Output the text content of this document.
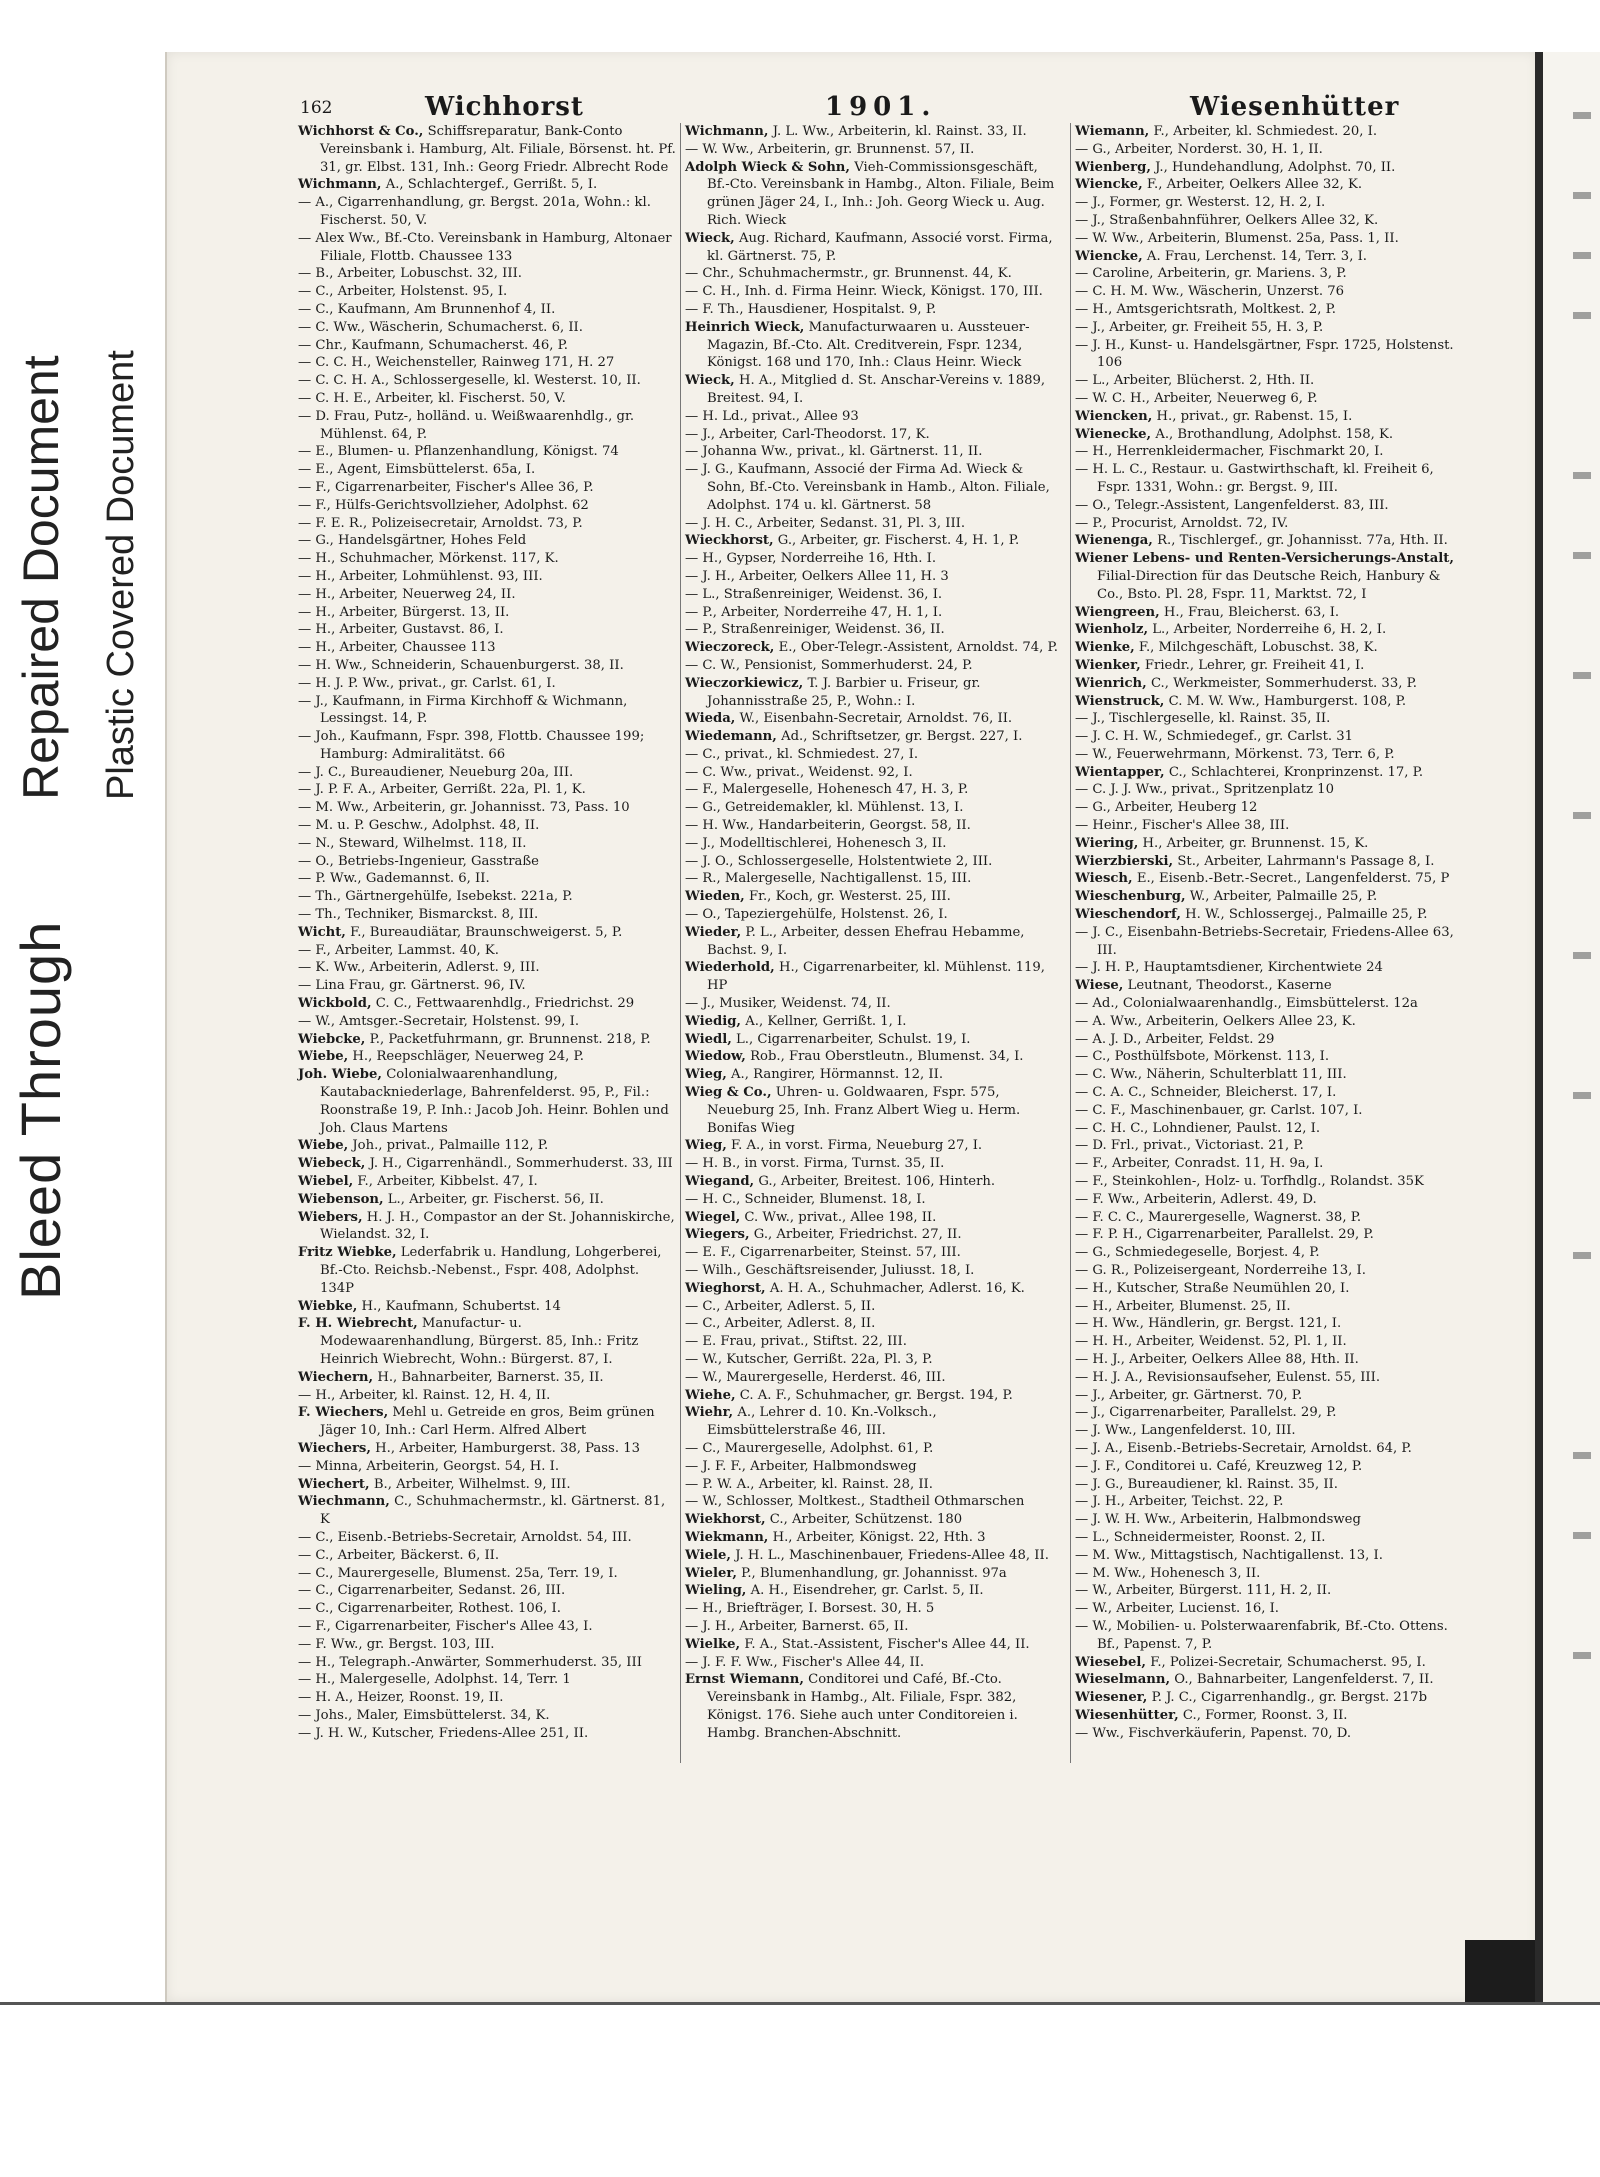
Bleed Through
Repaired Document Plastic Covered Document
162	Wichhorst	1901.	Wiesenhütter

Wichhorst & Co., Schiffsreparatur, Bank-Conto Vereinsbank i. Hamburg, Alt. Filiale, Börsenst. ht. Pf. 31, gr. Elbst. 131, Inh.: Georg Friedr. Albrecht Rode

Wichmann, A., Schlachtergef., Gerrißt. 5, I.

— A., Cigarrenhandlung, gr. Bergst. 201a, Wohn.: kl. Fischerst. 50, V.

— Alex Ww., Bf.-Cto. Vereinsbank in Hamburg, Altonaer Filiale, Flottb. Chaussee 133

— B., Arbeiter, Lobuschst. 32, III.

— C., Arbeiter, Holstenst. 95, I.

— C., Kaufmann, Am Brunnenhof 4, II.

— C. Ww., Wäscherin, Schumacherst. 6, II.

— Chr., Kaufmann, Schumacherst. 46, P.

— C. C. H., Weichensteller, Rainweg 171, H. 27

— C. C. H. A., Schlossergeselle, kl. Westerst. 10, II.

— C. H. E., Arbeiter, kl. Fischerst. 50, V.

— D. Frau, Putz-, holländ. u. Weißwaarenhdlg., gr. Mühlenst. 64, P.

— E., Blumen- u. Pflanzenhandlung, Königst. 74

— E., Agent, Eimsbüttelerst. 65a, I.

— F., Cigarrenarbeiter, Fischer's Allee 36, P.

— F., Hülfs-Gerichtsvollzieher, Adolphst. 62

— F. E. R., Polizeisecretair, Arnoldst. 73, P.

— G., Handelsgärtner, Hohes Feld

— H., Schuhmacher, Mörkenst. 117, K.

— H., Arbeiter, Lohmühlenst. 93, III.

— H., Arbeiter, Neuerweg 24, II.

— H., Arbeiter, Bürgerst. 13, II.

— H., Arbeiter, Gustavst. 86, I.

— H., Arbeiter, Chaussee 113

— H. Ww., Schneiderin, Schauenburgerst. 38, II.

— H. J. P. Ww., privat., gr. Carlst. 61, I.

— J., Kaufmann, in Firma Kirchhoff & Wichmann, Lessingst. 14, P.

— Joh., Kaufmann, Fspr. 398, Flottb. Chaussee 199; Hamburg: Admiralitätst. 66

— J. C., Bureaudiener, Neueburg 20a, III.

— J. P. F. A., Arbeiter, Gerrißt. 22a, Pl. 1, K.

— M. Ww., Arbeiterin, gr. Johannisst. 73, Pass. 10

— M. u. P. Geschw., Adolphst. 48, II.

— N., Steward, Wilhelmst. 118, II.

— O., Betriebs-Ingenieur, Gasstraße

— P. Ww., Gademannst. 6, II.

— Th., Gärtnergehülfe, Isebekst. 221a, P.

— Th., Techniker, Bismarckst. 8, III.

Wicht, F., Bureaudiätar, Braunschweigerst. 5, P.

— F., Arbeiter, Lammst. 40, K.

— K. Ww., Arbeiterin, Adlerst. 9, III.

— Lina Frau, gr. Gärtnerst. 96, IV.

Wickbold, C. C., Fettwaarenhdlg., Friedrichst. 29

— W., Amtsger.-Secretair, Holstenst. 99, I.

Wiebcke, P., Packetfuhrmann, gr. Brunnenst. 218, P.

Wiebe, H., Reepschläger, Neuerweg 24, P.

Joh. Wiebe, Colonialwaarenhandlung, Kautabackniederlage, Bahrenfelderst. 95, P., Fil.: Roonstraße 19, P. Inh.: Jacob Joh. Heinr. Bohlen und Joh. Claus Martens

Wiebe, Joh., privat., Palmaille 112, P.

Wiebeck, J. H., Cigarrenhändl., Sommerhuderst. 33, III

Wiebel, F., Arbeiter, Kibbelst. 47, I.

Wiebenson, L., Arbeiter, gr. Fischerst. 56, II.

Wiebers, H. J. H., Compastor an der St. Johanniskirche, Wielandst. 32, I.

Fritz Wiebke, Lederfabrik u. Handlung, Lohgerberei, Bf.-Cto. Reichsb.-Nebenst., Fspr. 408, Adolphst. 134P

Wiebke, H., Kaufmann, Schubertst. 14

F. H. Wiebrecht, Manufactur- u. Modewaarenhandlung, Bürgerst. 85, Inh.: Fritz Heinrich Wiebrecht, Wohn.: Bürgerst. 87, I.

Wiechern, H., Bahnarbeiter, Barnerst. 35, II.

— H., Arbeiter, kl. Rainst. 12, H. 4, II.

F. Wiechers, Mehl u. Getreide en gros, Beim grünen Jäger 10, Inh.: Carl Herm. Alfred Albert

Wiechers, H., Arbeiter, Hamburgerst. 38, Pass. 13

— Minna, Arbeiterin, Georgst. 54, H. I.

Wiechert, B., Arbeiter, Wilhelmst. 9, III.

Wiechmann, C., Schuhmachermstr., kl. Gärtnerst. 81, K

— C., Eisenb.-Betriebs-Secretair, Arnoldst. 54, III.

— C., Arbeiter, Bäckerst. 6, II.

— C., Maurergeselle, Blumenst. 25a, Terr. 19, I.

— C., Cigarrenarbeiter, Sedanst. 26, III.

— C., Cigarrenarbeiter, Rothest. 106, I.

— F., Cigarrenarbeiter, Fischer's Allee 43, I.

— F. Ww., gr. Bergst. 103, III.

— H., Telegraph.-Anwärter, Sommerhuderst. 35, III

— H., Malergeselle, Adolphst. 14, Terr. 1

— H. A., Heizer, Roonst. 19, II.

— Johs., Maler, Eimsbüttelerst. 34, K.

— J. H. W., Kutscher, Friedens-Allee 251, II.

Wichmann, J. L. Ww., Arbeiterin, kl. Rainst. 33, II.

— W. Ww., Arbeiterin, gr. Brunnenst. 57, II.

Adolph Wieck & Sohn, Vieh-Commissionsgeschäft, Bf.-Cto. Vereinsbank in Hambg., Alton. Filiale, Beim grünen Jäger 24, I., Inh.: Joh. Georg Wieck u. Aug. Rich. Wieck

Wieck, Aug. Richard, Kaufmann, Associé vorst. Firma, kl. Gärtnerst. 75, P.

— Chr., Schuhmachermstr., gr. Brunnenst. 44, K.

— C. H., Inh. d. Firma Heinr. Wieck, Königst. 170, III.

— F. Th., Hausdiener, Hospitalst. 9, P.

Heinrich Wieck, Manufacturwaaren u. Aussteuer-Magazin, Bf.-Cto. Alt. Creditverein, Fspr. 1234, Königst. 168 und 170, Inh.: Claus Heinr. Wieck

Wieck, H. A., Mitglied d. St. Anschar-Vereins v. 1889, Breitest. 94, I.

— H. Ld., privat., Allee 93

— J., Arbeiter, Carl-Theodorst. 17, K.

— Johanna Ww., privat., kl. Gärtnerst. 11, II.

— J. G., Kaufmann, Associé der Firma Ad. Wieck & Sohn, Bf.-Cto. Vereinsbank in Hamb., Alton. Filiale, Adolphst. 174 u. kl. Gärtnerst. 58

— J. H. C., Arbeiter, Sedanst. 31, Pl. 3, III.

Wieckhorst, G., Arbeiter, gr. Fischerst. 4, H. 1, P.

— H., Gypser, Norderreihe 16, Hth. I.

— J. H., Arbeiter, Oelkers Allee 11, H. 3

— L., Straßenreiniger, Weidenst. 36, I.

— P., Arbeiter, Norderreihe 47, H. 1, I.

— P., Straßenreiniger, Weidenst. 36, II.

Wieczoreck, E., Ober-Telegr.-Assistent, Arnoldst. 74, P.

— C. W., Pensionist, Sommerhuderst. 24, P.

Wieczorkiewicz, T. J. Barbier u. Friseur, gr. Johannisstraße 25, P., Wohn.: I.

Wieda, W., Eisenbahn-Secretair, Arnoldst. 76, II.

Wiedemann, Ad., Schriftsetzer, gr. Bergst. 227, I.

— C., privat., kl. Schmiedest. 27, I.

— C. Ww., privat., Weidenst. 92, I.

— F., Malergeselle, Hohenesch 47, H. 3, P.

— G., Getreidemakler, kl. Mühlenst. 13, I.

— H. Ww., Handarbeiterin, Georgst. 58, II.

— J., Modelltischlerei, Hohenesch 3, II.

— J. O., Schlossergeselle, Holstentwiete 2, III.

— R., Malergeselle, Nachtigallenst. 15, III.

Wieden, Fr., Koch, gr. Westerst. 25, III.

— O., Tapeziergehülfe, Holstenst. 26, I.

Wieder, P. L., Arbeiter, dessen Ehefrau Hebamme, Bachst. 9, I.

Wiederhold, H., Cigarrenarbeiter, kl. Mühlenst. 119, HP

— J., Musiker, Weidenst. 74, II.

Wiedig, A., Kellner, Gerrißt. 1, I.

Wiedl, L., Cigarrenarbeiter, Schulst. 19, I.

Wiedow, Rob., Frau Oberstleutn., Blumenst. 34, I.

Wieg, A., Rangirer, Hörmannst. 12, II.

Wieg & Co., Uhren- u. Goldwaaren, Fspr. 575, Neueburg 25, Inh. Franz Albert Wieg u. Herm. Bonifas Wieg

Wieg, F. A., in vorst. Firma, Neueburg 27, I.

— H. B., in vorst. Firma, Turnst. 35, II.

Wiegand, G., Arbeiter, Breitest. 106, Hinterh.

— H. C., Schneider, Blumenst. 18, I.

Wiegel, C. Ww., privat., Allee 198, II.

Wiegers, G., Arbeiter, Friedrichst. 27, II.

— E. F., Cigarrenarbeiter, Steinst. 57, III.

— Wilh., Geschäftsreisender, Juliusst. 18, I.

Wieghorst, A. H. A., Schuhmacher, Adlerst. 16, K.

— C., Arbeiter, Adlerst. 5, II.

— C., Arbeiter, Adlerst. 8, II.

— E. Frau, privat., Stiftst. 22, III.

— W., Kutscher, Gerrißt. 22a, Pl. 3, P.

— W., Maurergeselle, Herderst. 46, III.

Wiehe, C. A. F., Schuhmacher, gr. Bergst. 194, P.

Wiehr, A., Lehrer d. 10. Kn.-Volksch., Eimsbüttelerstraße 46, III.

— C., Maurergeselle, Adolphst. 61, P.

— J. F. F., Arbeiter, Halbmondsweg

— P. W. A., Arbeiter, kl. Rainst. 28, II.

— W., Schlosser, Moltkest., Stadtheil Othmarschen

Wiekhorst, C., Arbeiter, Schützenst. 180

Wiekmann, H., Arbeiter, Königst. 22, Hth. 3

Wiele, J. H. L., Maschinenbauer, Friedens-Allee 48, II.

Wieler, P., Blumenhandlung, gr. Johannisst. 97a

Wieling, A. H., Eisendreher, gr. Carlst. 5, II.

— H., Briefträger, I. Borsest. 30, H. 5

— J. H., Arbeiter, Barnerst. 65, II.

Wielke, F. A., Stat.-Assistent, Fischer's Allee 44, II.

— J. F. F. Ww., Fischer's Allee 44, II.

Ernst Wiemann, Conditorei und Café, Bf.-Cto. Vereinsbank in Hambg., Alt. Filiale, Fspr. 382, Königst. 176. Siehe auch unter Conditoreien i. Hambg. Branchen-Abschnitt.

Wiemann, F., Arbeiter, kl. Schmiedest. 20, I.

— G., Arbeiter, Norderst. 30, H. 1, II.

Wienberg, J., Hundehandlung, Adolphst. 70, II.

Wiencke, F., Arbeiter, Oelkers Allee 32, K.

— J., Former, gr. Westerst. 12, H. 2, I.

— J., Straßenbahnführer, Oelkers Allee 32, K.

— W. Ww., Arbeiterin, Blumenst. 25a, Pass. 1, II.

Wiencke, A. Frau, Lerchenst. 14, Terr. 3, I.

— Caroline, Arbeiterin, gr. Mariens. 3, P.

— C. H. M. Ww., Wäscherin, Unzerst. 76

— H., Amtsgerichtsrath, Moltkest. 2, P.

— J., Arbeiter, gr. Freiheit 55, H. 3, P.

— J. H., Kunst- u. Handelsgärtner, Fspr. 1725, Holstenst. 106

— L., Arbeiter, Blücherst. 2, Hth. II.

— W. C. H., Arbeiter, Neuerweg 6, P.

Wiencken, H., privat., gr. Rabenst. 15, I.

Wienecke, A., Brothandlung, Adolphst. 158, K.

— H., Herrenkleidermacher, Fischmarkt 20, I.

— H. L. C., Restaur. u. Gastwirthschaft, kl. Freiheit 6, Fspr. 1331, Wohn.: gr. Bergst. 9, III.

— O., Telegr.-Assistent, Langenfelderst. 83, III.

— P., Procurist, Arnoldst. 72, IV.

Wienenga, R., Tischlergef., gr. Johannisst. 77a, Hth. II.

Wiener Lebens- und Renten-Versicherungs-Anstalt, Filial-Direction für das Deutsche Reich, Hanbury & Co., Bsto. Pl. 28, Fspr. 11, Marktst. 72, I

Wiengreen, H., Frau, Bleicherst. 63, I.

Wienholz, L., Arbeiter, Norderreihe 6, H. 2, I.

Wienke, F., Milchgeschäft, Lobuschst. 38, K.

Wienker, Friedr., Lehrer, gr. Freiheit 41, I.

Wienrich, C., Werkmeister, Sommerhuderst. 33, P.

Wienstruck, C. M. W. Ww., Hamburgerst. 108, P.

— J., Tischlergeselle, kl. Rainst. 35, II.

— J. C. H. W., Schmiedegef., gr. Carlst. 31

— W., Feuerwehrmann, Mörkenst. 73, Terr. 6, P.

Wientapper, C., Schlachterei, Kronprinzenst. 17, P.

— C. J. J. Ww., privat., Spritzenplatz 10

— G., Arbeiter, Heuberg 12

— Heinr., Fischer's Allee 38, III.

Wiering, H., Arbeiter, gr. Brunnenst. 15, K.

Wierzbierski, St., Arbeiter, Lahrmann's Passage 8, I.

Wiesch, E., Eisenb.-Betr.-Secret., Langenfelderst. 75, P

Wieschenburg, W., Arbeiter, Palmaille 25, P.

Wieschendorf, H. W., Schlossergej., Palmaille 25, P.

— J. C., Eisenbahn-Betriebs-Secretair, Friedens-Allee 63, III.

— J. H. P., Hauptamtsdiener, Kirchentwiete 24

Wiese, Leutnant, Theodorst., Kaserne

— Ad., Colonialwaarenhandlg., Eimsbüttelerst. 12a

— A. Ww., Arbeiterin, Oelkers Allee 23, K.

— A. J. D., Arbeiter, Feldst. 29

— C., Posthülfsbote, Mörkenst. 113, I.

— C. Ww., Näherin, Schulterblatt 11, III.

— C. A. C., Schneider, Bleicherst. 17, I.

— C. F., Maschinenbauer, gr. Carlst. 107, I.

— C. H. C., Lohndiener, Paulst. 12, I.

— D. Frl., privat., Victoriast. 21, P.

— F., Arbeiter, Conradst. 11, H. 9a, I.

— F., Steinkohlen-, Holz- u. Torfhdlg., Rolandst. 35K

— F. Ww., Arbeiterin, Adlerst. 49, D.

— F. C. C., Maurergeselle, Wagnerst. 38, P.

— F. P. H., Cigarrenarbeiter, Parallelst. 29, P.

— G., Schmiedegeselle, Borjest. 4, P.

— G. R., Polizeisergeant, Norderreihe 13, I.

— H., Kutscher, Straße Neumühlen 20, I.

— H., Arbeiter, Blumenst. 25, II.

— H. Ww., Händlerin, gr. Bergst. 121, I.

— H. H., Arbeiter, Weidenst. 52, Pl. 1, II.

— H. J., Arbeiter, Oelkers Allee 88, Hth. II.

— H. J. A., Revisionsaufseher, Eulenst. 55, III.

— J., Arbeiter, gr. Gärtnerst. 70, P.

— J., Cigarrenarbeiter, Parallelst. 29, P.

— J. Ww., Langenfelderst. 10, III.

— J. A., Eisenb.-Betriebs-Secretair, Arnoldst. 64, P.

— J. F., Conditorei u. Café, Kreuzweg 12, P.

— J. G., Bureaudiener, kl. Rainst. 35, II.

— J. H., Arbeiter, Teichst. 22, P.

— J. W. H. Ww., Arbeiterin, Halbmondsweg

— L., Schneidermeister, Roonst. 2, II.

— M. Ww., Mittagstisch, Nachtigallenst. 13, I.

— M. Ww., Hohenesch 3, II.

— W., Arbeiter, Bürgerst. 111, H. 2, II.

— W., Arbeiter, Lucienst. 16, I.

— W., Mobilien- u. Polsterwaarenfabrik, Bf.-Cto. Ottens. Bf., Papenst. 7, P.

Wiesebel, F., Polizei-Secretair, Schumacherst. 95, I.

Wieselmann, O., Bahnarbeiter, Langenfelderst. 7, II.

Wiesener, P. J. C., Cigarrenhandlg., gr. Bergst. 217b

Wiesenhütter, C., Former, Roonst. 3, II.

— Ww., Fischverkäuferin, Papenst. 70, D.
